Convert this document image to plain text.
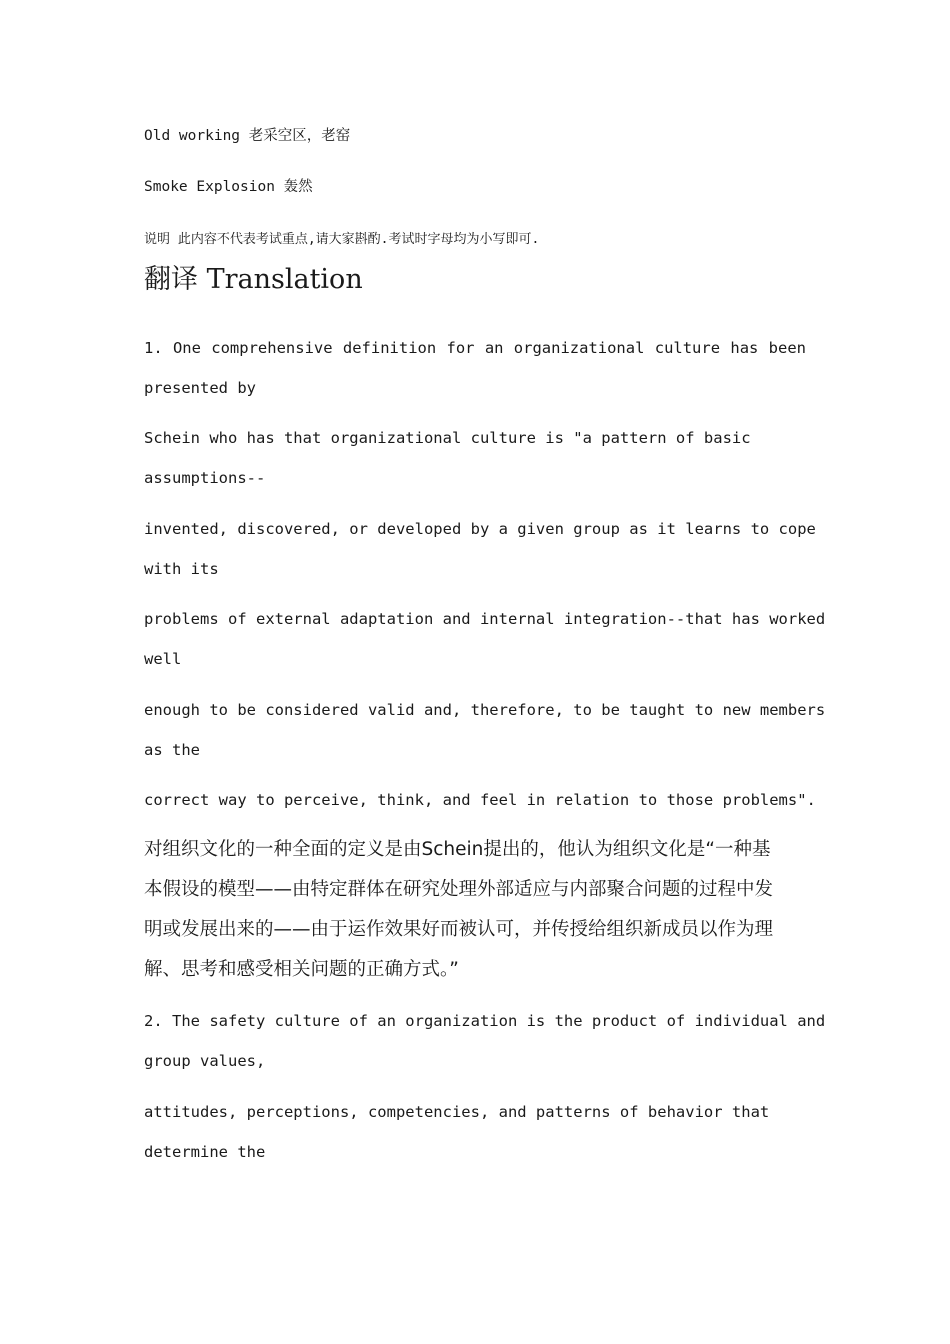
Old working 老采空区，老窑
Smoke Explosion 轰然
说明 此内容不代表考试重点,请大家斟酌.考试时字母均为小写即可.
翻译 Translation
1. One comprehensive definition for an organizational culture has been
presented by
Schein who has that organizational culture is "a pattern of basic
assumptions--
invented, discovered, or developed by a given group as it learns to cope
with its
problems of external adaptation and internal integration--that has worked
well
enough to be considered valid and, therefore, to be taught to new members
as the
correct way to perceive, think, and feel in relation to those problems".
对组织文化的一种全面的定义是由Schein提出的，他认为组织文化是“一种基
本假设的模型——由特定群体在研究处理外部适应与内部聚合问题的过程中发
明或发展出来的——由于运作效果好而被认可，并传授给组织新成员以作为理
解、思考和感受相关问题的正确方式。”
2. The safety culture of an organization is the product of individual and
group values,
attitudes, perceptions, competencies, and patterns of behavior that
determine the
